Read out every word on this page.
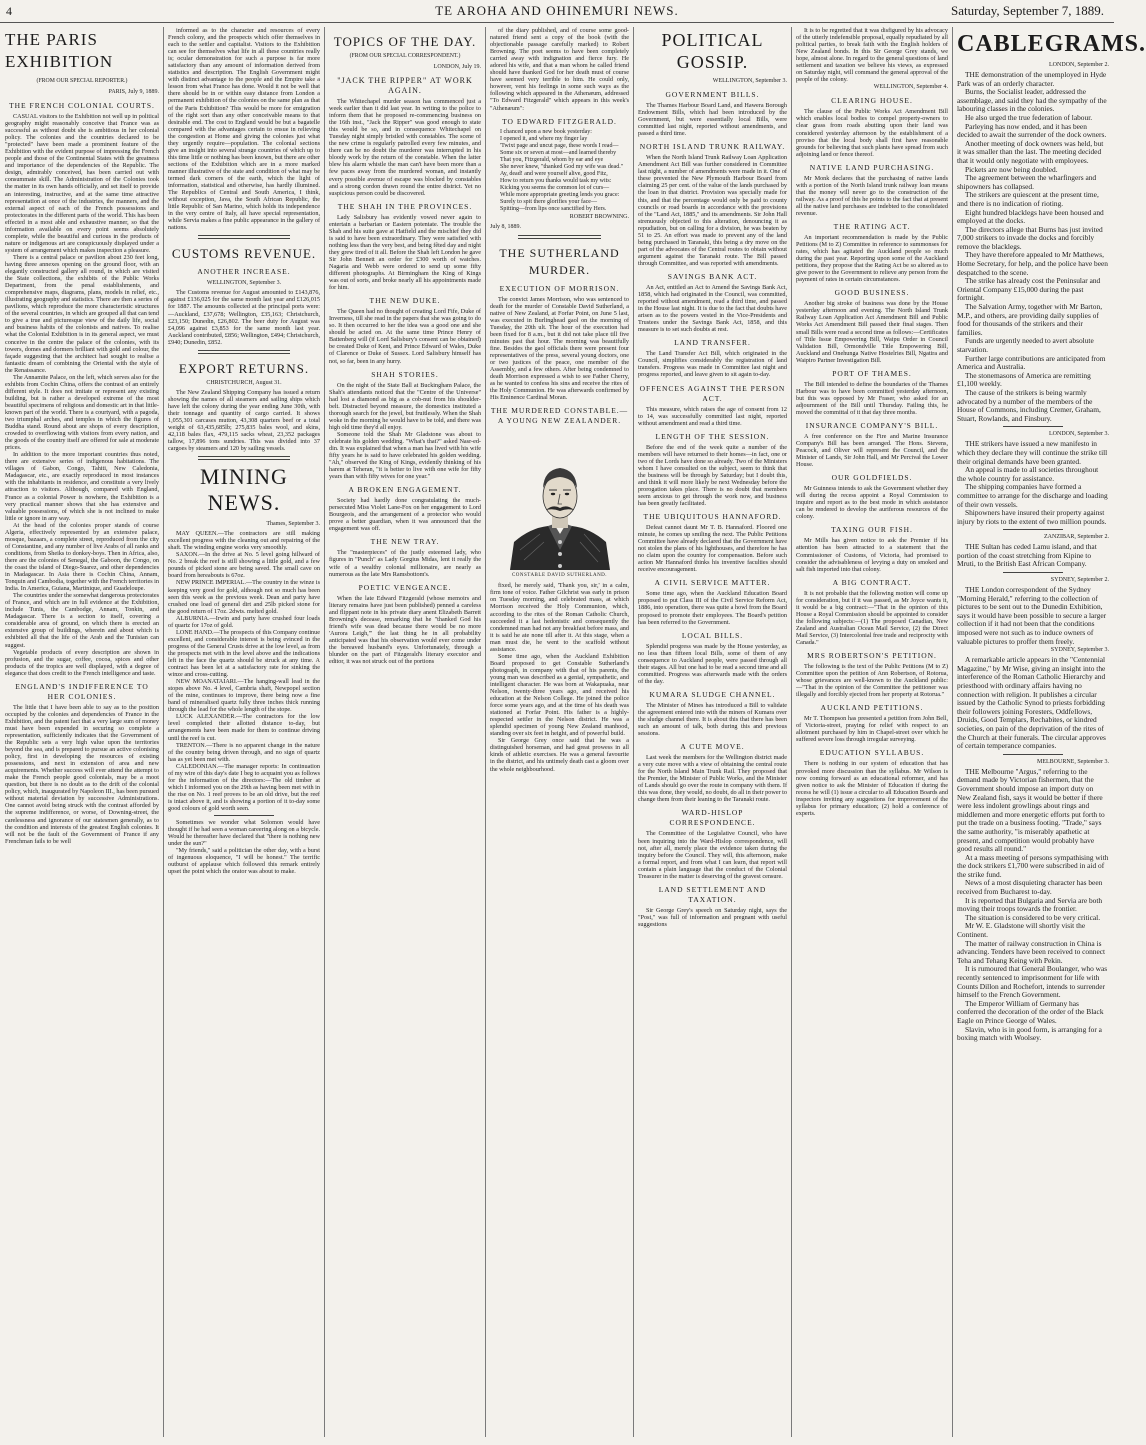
4	TE AROHA AND OHINEMURI NEWS.	Saturday, September 7, 1889.
THE PARIS EXHIBITION
(FROM OUR SPECIAL REPORTER.)
PARIS, July 9, 1889.
THE FRENCH COLONIAL COURTS.

CASUAL visitors to the Exhibition not well up in political geography might reasonably conceive that France was as successful as without doubt she is ambitious in her colonial policy. The colonies and the countries declared to be "protected" have been made a prominent feature of the Exhibition with the evident purpose of impressing the French people and those of the Continental States with the greatness and importance of the dependencies of the Republic. The design, admirably conceived, has been carried out with consummate skill. The Administration of the Colonies took the matter in its own hands officially, and set itself to provide an interesting, instructive, and at the same time attractive representation at once of the industries, the manners, and the external aspect of each of the French possessions and protectorates in the different parts of the world. This has been effected in a most able and exhaustive manner, so that the information available on every point seems absolutely complete, while the beautiful and curious in the products of nature or indigenous art are conspicuously displayed under a system of arrangement which makes inspection a pleasure.

There is a central palace or pavilion about 230 feet long, having three annexes opening on the ground floor, with an elegantly constructed gallery all round, in which are visited the State collections, the exhibits of the Public Works Department, from the penal establishments, and comprehensive maps, diagrams, plans, models in relief, etc., illustrating geography and statistics. There are then a series of pavilions, which reproduce the more characteristic structures of the several countries, in which are grouped all that can tend to give a true and picturesque view of the daily life, social and business habits of the colonists and natives. To realise what the Colonial Exhibition is in its general aspect, we must conceive in the centre the palace of the colonies, with its towers, domes and dormers brilliant with gold and colour, the façade suggesting that the architect had sought to realise a fantastic dream of combining the Oriental with the style of the Renaissance.

The Annamite Palace, on the left, which serves also for the exhibits from Cochin China, offers the contrast of an entirely different style. It does not imitate or represent any existing building, but is rather a developed extreme of the most beautiful specimens of religious and domestic art in that little-known part of the world. There is a courtyard, with a pagoda, two triumphal arches, and temples in which the figures of Buddha stand. Round about are shops of every description, crowded to overflowing with visitors from every nation, and the goods of the country itself are offered for sale at moderate prices.

In addition to the more important countries thus noted, there are extensive series of indigenous habitations. The villages of Gabon, Congo, Tahiti, New Caledonia, Madagascar, etc., are exactly reproduced in most instances with the inhabitants in residence, and constitute a very lively attraction to visitors. Although, compared with England, France as a colonial Power is nowhere, the Exhibition is a very practical manner shows that she has extensive and valuable possessions, of which she is not inclined to make little or ignore in any way.

At the head of the colonies proper stands of course Algeria, effectively represented by an extensive palace, mosque, bazaars, a complete street, reproduced from the city of Constantine, and any number of live Arabs of all ranks and conditions, from Sheiks to donkey-boys. Then in Africa, also, there are the colonies of Senegal, the Gaboon, the Congo, on the coast the island of Diego-Suarez, and other dependencies in Madagascar. In Asia there is Cochin China, Annam, Tonquin and Cambodia, together with the French territories in India. In America, Guiana, Martinique, and Guadeloupe.

The countries under the somewhat dangerous protectorates of France, and which are in full evidence at the Exhibition, include Tunis, the Cambodge, Annam, Tonkin, and Madagascar. There is a section to itself, covering a considerable area of ground, on which there is erected an extensive group of buildings, wherein and about which is exhibited all that the life of the Arab and the Tunisian can suggest.

Vegetable products of every description are shown in profusion, and the sugar, coffee, cocoa, spices and other products of the tropics are well displayed, with a degree of elegance that does credit to the French intelligence and taste.

ENGLAND'S INDIFFERENCE TO HER COLONIES.

The little that I have been able to say as to the position occupied by the colonies and dependencies of France in the Exhibition, and the patent fact that a very large sum of money must have been expended in securing so complete a representation, sufficiently indicates that the Government of the Republic sets a very high value upon the territories beyond the sea, and is prepared to pursue an active colonising policy, first in developing the resources of existing possessions, and next in extension of area and new acquirements. Whether success will ever attend the attempt to make the French people good colonials, may be a moot question, but there is no doubt as to the drift of the colonial policy, which, inaugurated by Napoleon III., has been pursued without material deviation by successive Administrations. One cannot avoid being struck with the contrast afforded by the supreme indifference, or worse, of Downing-street, the carelessness and ignorance of our statesmen generally, as to the condition and interests of the greatest English colonies. It will not be the fault of the Government of France if any Frenchman fails to be well

informed as to the character and resources of every French colony, and the prospects which offer themselves in each to the settler and capitalist. Visitors to the Exhibition can see for themselves what life in all these countries really is; ocular demonstration for such a purpose is far more satisfactory than any amount of information derived from statistics and description. The English Government might with distinct advantage to the people and the Empire take a lesson from what France has done. Would it not be well that there should be in or within easy distance from London a permanent exhibition of the colonies on the same plan as that of the Paris Exhibition? This would be more for emigration of the right sort than any other conceivable means to that desirable end. The cost to England would be but a bagatelle compared with the advantages certain to ensue in relieving the congestion at Home and giving the colonies just what they urgently require—population. The colonial sections give an insight into several strange countries of which up to this time little or nothing has been known, but there are other sections of the Exhibition which are in a more marked manner illustrative of the state and condition of what may be termed dark corners of the earth, which the light of information, statistical and otherwise, has hardly illumined. The Republics of Central and South America, I think, without exception, Java, the South African Republic, the little Republic of San Marino, which holds its independence in the very centre of Italy, all have special representation, while Servia makes a fine public appearance in the gallery of nations.

CUSTOMS REVENUE.
ANOTHER INCREASE.
WELLINGTON, September 3.

The Customs revenue for August amounted to £143,876, against £136,025 for the same month last year and £126,015 for 1887. The amounts collected at the principal ports were:—Auckland, £37,678; Wellington, £35,163; Christchurch, £23,150; Dunedin, £26,802. The beer duty for August was £4,096 against £3,853 for the same month last year. Auckland contributed, £856; Wellington, £494; Christchurch, £940; Dunedin, £852.

EXPORT RETURNS.
CHRISTCHURCH, August 31.

The New Zealand Shipping Company has issued a return showing the names of all steamers and sailing ships which have left the colony during the year ending June 30th, with their tonnage and quantity of cargo carried. It shows 1,055,301 carcases mutton, 43,308 quarters beef or a total weight of 63,435,685lb; 275,835 bales wool, and skins, 42,118 bales flax, 479,115 sacks wheat, 23,352 packages tallow, 17,896 tons sundries. This was divided into 37 cargoes by steamers and 120 by sailing vessels.

MINING NEWS.
Thames, September 3.

MAY QUEEN.—The contractors are still making excellent progress with the cleaning out and repairing of the shaft. The winding engine works very smoothly.

SAXON.—In the drive at No. 5 level going hillward of No. 2 break the reef is still showing a little gold, and a few pounds of picked stone are being saved. The small cave on board from hereabouts is 67oz.

NEW PRINCE IMPERIAL.—The country in the winze is keeping very good for gold, although not so much has been seen this week as the previous week. Dean and party have crushed one load of general dirt and 25lb picked stone for the good return of 17oz. 2dwts. melted gold.

ALBURNIA.—Irwin and party have crushed four loads of quartz for 17oz of gold.

LONE HAND.—The prospects of this Company continue excellent, and considerable interest is being evinced in the progress of the General Crusts drive at the low level, as from the prospects met with in the level above and the indications left in the face the quartz should be struck at any time. A contract has been let at a satisfactory rate for sinking the winze and cross-cutting.

NEW MOANATAIARI.—The hanging-wall lead in the stopes above No. 4 level, Cambria shaft, Newpopel section of the mine, continues to improve, there being now a fine band of mineralised quartz fully three inches thick running through the lead for the whole length of the stope.

LUCK ALEXANDER.—The contractors for the low level completed their allotted distance to-day, but arrangements have been made for them to continue driving until the reef is cut.

TRENTON.—There is no apparent change in the nature of the country being driven through, and no sign of quartz has as yet been met with.

CALEDONIAN.—The manager reports: In continuation of my wire of this day's date I beg to acquaint you as follows for the information of the directors:—The old timber at which I informed you on the 29th as having been met with in the rise on No. 1 reef proves to be an old drive, but the reef is intact above it, and is showing a portion of it to-day some good colours of gold worth seen.

Sometimes we wonder what Solomon would have thought if he had seen a woman careering along on a bicycle. Would he thereafter have declared that "there is nothing new under the sun?"

"My friends," said a politician the other day, with a burst of ingenuous eloquence, "I will be honest." The terrific outburst of applause which followed this remark entirely upset the point which the orator was about to make.

TOPICS OF THE DAY.
(FROM OUR SPECIAL CORRESPONDENT.)
LONDON, July 19.
"JACK THE RIPPER" AT WORK AGAIN.

The Whitechapel murder season has commenced just a week earlier than it did last year. In writing to the police to inform them that he proposed re-commencing business on the 16th inst., "Jack the Ripper" was good enough to state this would be so, and in consequence Whitechapel on Tuesday night simply bristled with constables. The scene of the new crime is regularly patrolled every few minutes, and there can be no doubt the murderer was interrupted in his bloody work by the return of the constable. When the latter blew his alarm whistle the man can't have been more than a few paces away from the murdered woman, and instantly every possible avenue of escape was blocked by constables and a strong cordon drawn round the entire district. Yet no suspicious person could be discovered.

THE SHAH IN THE PROVINCES.

Lady Salisbury has evidently vowed never again to entertain a barbarian or Eastern potentate. The trouble the Shah and his suite gave at Hatfield and the mischief they did is said to have been extraordinary. They were satisfied with nothing less than the very best, and being fêted day and night they grew tired of it all. Before the Shah left London he gave Sir John Bennett an order for £300 worth of watches. Nagaria and Webb were ordered to send up some fifty different photographs. At Birmingham the King of Kings was out of sorts, and broke nearly all his appointments made for him.

THE NEW DUKE.

The Queen had no thought of creating Lord Fife, Duke of Inverness, till she read in the papers that she was going to do so. It then occurred to her the idea was a good one and she should be acted on. At the same time Prince Henry of Battenberg will (if Lord Salisbury's consent can be obtained) be created Duke of Kent, and Prince Edward of Wales, Duke of Clarence or Duke of Sussex. Lord Salisbury himself has not, so far, been in any hurry.

SHAH STORIES.

On the night of the State Ball at Buckingham Palace, the Shah's attendants noticed that the "Centre of the Universe" had lost a diamond as big as a cob-nut from his shoulder-belt. Distracted beyond measure, the domestics instituted a thorough search for the jewel, but fruitlessly. When the Shah woke in the morning he would have to be told, and there was high old time they'd all enjoy.

Someone told the Shah Mr Gladstone was about to celebrate his golden wedding. "What's that?" asked Nasr-ed-din. It was explained that when a man has lived with his wife fifty years he is said to have celebrated his golden wedding. "Ah," observed the King of Kings, evidently thinking of his harem at Teheran, "it is better to live with one wife for fifty years than with fifty wives for one year."

A BROKEN ENGAGEMENT.

Society had hardly done congratulating the much-persecuted Miss Violet Lane-Fox on her engagement to Lord Bourgeois, and the arrangement of a protector who would prove a better guardian, when it was announced that the engagement was off.

THE NEW TRAY.

The "masterpieces" of the justly esteemed lady, who figures in "Punch" as Lady Gorgius Midas, lent it really the wife of a wealthy colonial millionaire, are nearly as numerous as the late Mrs Ramsbottom's.

POETIC VENGEANCE.

When the late Edward Fitzgerald (whose memoirs and literary remains have just been published) penned a careless and flippant note in his private diary anent Elizabeth Barrett Browning's decease, remarking that he "thanked God his friend's wife was dead because there would be no more 'Aurora Leigh,'" the last thing he in all probability anticipated was that his observation would ever come under the bereaved husband's eyes. Unfortunately, through a blunder on the part of Fitzgerald's literary executor and editor, it was not struck out of the portions

of the diary published, and of course some good-natured friend sent a copy of the book (with the objectionable passage carefully marked) to Robert Browning. The poet seems to have been completely carried away with indignation and fierce fury. He adored his wife, and that a man whom he called friend should have thanked God for her death must of course have seemed very terrible to him. He could only, however, vent his feelings in some such ways as the following which appeared in the Athenæum, addressed "To Edward Fitzgerald" which appears in this week's "Athenæum":

TO EDWARD FITZGERALD.

I chanced upon a new book yesterday:

I opened it, and where my finger lay

'Twixt page and uncut page, these words I read—

Some six or seven at most—and learned thereby

That you, Fitzgerald, whom by ear and eye

She never knew, "thanked God my wife was dead."

Ay, dead! and were yourself alive, good Fitz,

How to return you thanks would task my wits:

Kicking you seems the common lot of curs—

While more appropriate greeting lends you grace:

Surely to spit there glorifies your face—

Spitting—from lips once sanctified by Hers.

ROBERT BROWNING.
July 8, 1889.
THE SUTHERLAND MURDER.
EXECUTION OF MORRISON.

The convict James Morrison, who was sentenced to death for the murder of Constable David Sutherland, a native of New Zealand, at Forfar Point, on June 5 last, was executed in Burlinghead gaol on the morning of Tuesday, the 20th ult. The hour of the execution had been fixed for 8 a.m., but it did not take place till five minutes past that hour. The morning was beautifully fine. Besides the gaol officials there were present four representatives of the press, several young doctors, one or two justices of the peace, one member of the Assembly, and a few others. After being condemned to death Morrison expressed a wish to see Father Cherry, as he wanted to confess his sins and receive the rites of the Holy Communion. He was afterwards confirmed by His Eminence Cardinal Moran.

THE MURDERED CONSTABLE.—A YOUNG NEW ZEALANDER.
CONSTABLE DAVID SUTHERLAND.

fixed, he merely said, 'Thank you, sir,' in a calm, firm tone of voice. Father Gilchrist was early in prison on Tuesday morning, and celebrated mass, at which Morrison received the Holy Communion, which, according to the rites of the Roman Catholic Church, succeeded it a last hedonistic and consequently the condemned man had not any breakfast before mass, and it is said he ate none till after it. At this stage, when a man must die, he went to the scaffold without assistance.

Some time ago, when the Auckland Exhibition Board proposed to get Constable Sutherland's photograph, in company with that of his parents, the young man was described as a genial, sympathetic, and intelligent character. He was born at Wakapuaka, near Nelson, twenty-three years ago, and received his education at the Nelson College. He joined the police force some years ago, and at the time of his death was stationed at Forfar Point. His father is a highly-respected settler in the Nelson district. He was a splendid specimen of young New Zealand manhood, standing over six feet in height, and of powerful build.

Sir George Grey once said that he was a distinguished horseman, and had great prowess in all kinds of athletic exercises. He was a general favourite in the district, and his untimely death cast a gloom over the whole neighbourhood.

POLITICAL GOSSIP.
WELLINGTON, September 3.
GOVERNMENT BILLS.

The Thames Harbour Board Land, and Hawera Borough Endowment Bills, which had been introduced by the Government, but were essentially local Bills, were committed last night, reported without amendments, and passed a third time.

NORTH ISLAND TRUNK RAILWAY.

When the North Island Trunk Railway Loan Application Amendment Act Bill was further considered in Committee last night, a number of amendments were made in it. One of these prevented the New Plymouth Harbour Board from claiming 25 per cent. of the value of the lands purchased by the loan in that district. Provision was specially made for this, and that the percentage would only be paid to county councils or road boards in accordance with the provisions of the "Land Act, 1885," and its amendments. Sir John Hall strenuously objected to this alteration, denouncing it as repudiation, but on calling for a division, he was beaten by 51 to 25. An effort was made to prevent any of the land being purchased in Taranaki, this being a dry move on the part of the advocates of the Central routes to obtain without argument against the Taranaki route. The Bill passed through Committee, and was reported with amendments.

SAVINGS BANK ACT.

An Act, entitled an Act to Amend the Savings Bank Act, 1858, which had originated in the Council, was committed, reported without amendment, read a third time, and passed in the House last night. It is due to the fact that doubts have arisen as to the powers vested in the Vice-Presidents and Trustees under the Savings Bank Act, 1858, and this measure is to set such doubts at rest.

LAND TRANSFER.

The Land Transfer Act Bill, which originated in the Council, simplifies considerably the registration of land transfers. Progress was made in Committee last night and progress reported, and leave given to sit again to-day.

OFFENCES AGAINST THE PERSON ACT.

This measure, which raises the age of consent from 12 to 14, was successfully committed last night, reported without amendment and read a third time.

LENGTH OF THE SESSION.

Before the end of the week quite a number of the members will have returned to their homes—in fact, one or two of the Lords have done so already. Two of the Ministers whom I have consulted on the subject, seem to think that the business will be through by Saturday; but I doubt this, and think it will more likely be next Wednesday before the prorogation takes place. There is no doubt that members seem anxious to get through the work now, and business has been greatly facilitated.

THE UBIQUITOUS HANNAFORD.

Defeat cannot daunt Mr T. B. Hannaford. Floored one minute, he comes up smiling the next. The Public Petitions Committee have already declared that the Government have not stolen the plans of his lighthouses, and therefore he has no claim upon the country for compensation. Before such action Mr Hannaford thinks his inventive faculties should receive encouragement.

A CIVIL SERVICE MATTER.

Some time ago, when the Auckland Education Board proposed to put Class III of the Civil Service Reform Act, 1886, into operation, there was quite a howl from the Board proposed to promote their employees. The Board's petition has been referred to the Government.

LOCAL BILLS.

Splendid progress was made by the House yesterday, as no less than fifteen local Bills, some of them of any consequence to Auckland people, were passed through all their stages. All but one had to be read a second time and all committed. Progress was afterwards made with the orders of the day.

KUMARA SLUDGE CHANNEL.

The Minister of Mines has introduced a Bill to validate the agreement entered into with the miners of Kumara over the sludge channel there. It is about this that there has been such an amount of talk, both during this and previous sessions.

A CUTE MOVE.

Last week the members for the Wellington district made a very cute move with a view of obtaining the central route for the North Island Main Trunk Rail. They proposed that the Premier, the Minister of Public Works, and the Minister of Lands should go over the route in company with them. If this was done, they would, no doubt, do all in their power to change them from their leaning to the Taranaki route.

WARD-HISLOP CORRESPONDENCE.

The Committee of the Legislative Council, who have been inquiring into the Ward-Hislop correspondence, will not, after all, merely place the evidence taken during the inquiry before the Council. They will, this afternoon, make a formal report, and from what I can learn, that report will contain a plain language that the conduct of the Colonial Treasurer in the matter is deserving of the gravest censure.

LAND SETTLEMENT AND TAXATION.

Sir George Grey's speech on Saturday night, says the "Post," was full of information and pregnant with useful suggestions

It is to be regretted that it was disfigured by his advocacy of the utterly indefensible proposal, equally repudiated by all political parties, to break faith with the English holders of New Zealand bonds. In this Sir George Grey stands, we hope, almost alone. In regard to the general questions of land settlement and taxation we believe his views, as expressed on Saturday night, will command the general approval of the people of the colony.

WELLINGTON, September 4.
CLEARING HOUSE.

The clause of the Public Works Act Amendment Bill which enables local bodies to compel property-owners to clear grass from roads abutting upon their land was considered yesterday afternoon by the establishment of a proviso that the local body shall first have reasonable grounds for believing that such plants have spread from such adjoining land or fence thereof.

NATIVE LAND PURCHASING.

Mr Monk declares that the purchasing of native lands with a portion of the North Island trunk railway loan means that the money will never go to the construction of the railway. As a proof of this he points to the fact that at present all the native land purchases are indebted to the consolidated revenue.

THE RATING ACT.

An important recommendation is made by the Public Petitions (M to Z) Committee in reference to summonses for rates, which has agitated the Auckland people so much during the past year. Reporting upon some of the Auckland petitions, they propose that the Rating Act be so altered as to give power to the Government to relieve any person from the payment of rates in certain circumstances.

GOOD BUSINESS.

Another big stroke of business was done by the House yesterday afternoon and evening. The North Island Trunk Railway Loan Application Act Amendment Bill and Public Works Act Amendment Bill passed their final stages. Then small Bills were read a second time as follows:—Certificates of Title Issue Empowering Bill, Waipu Order in Council Validation Bill, Ormondville Title Empowering Bill, Auckland and Onehunga Native Hostelries Bill, Ngatira and Waipiro Partner Investigation Bill.

PORT OF THAMES.

The Bill intended to define the boundaries of the Thames Harbour was to have been committed yesterday afternoon, but this was opposed by Mr Fraser, who asked for an adjournment of the Bill until Thursday. Failing this, he moved the committal of it that day three months.

INSURANCE COMPANY'S BILL.

A free conference on the Fire and Marine Insurance Company's Bill has been arranged. The Hons. Stevens, Peacock, and Oliver will represent the Council, and the Minister of Lands, Sir John Hall, and Mr Percival the Lower House.

OUR GOLDFIELDS.

Mr Guinness intends to ask the Government whether they will during the recess appoint a Royal Commission to inquire and report as to the best mode in which assistance can be rendered to develop the auriferous resources of the colony.

TAXING OUR FISH.

Mr Mills has given notice to ask the Premier if his attention has been attracted to a statement that the Commissioner of Customs, of Victoria, had promised to consider the advisableness of levying a duty on smoked and salt fish imported into that colony.

A BIG CONTRACT.

It is not probable that the following motion will come up for consideration, but if it was passed, as Mr Joyce wants it, it would be a big contract:—"That in the opinion of this House a Royal Commission should be appointed to consider the following subjects:—(1) The proposed Canadian, New Zealand and Australian Ocean Mail Service, (2) the Direct Mail Service, (3) Intercolonial free trade and reciprocity with Canada."

MRS ROBERTSON'S PETITION.

The following is the text of the Public Petitions (M to Z) Committee upon the petition of Ann Robertson, of Rotorua, whose grievances are well-known to the Auckland public:—"That in the opinion of the Committee the petitioner was illegally and forcibly ejected from her property at Rotorua."

AUCKLAND PETITIONS.

Mr T. Thompson has presented a petition from John Bell, of Victoria-street, praying for relief with respect to an allotment purchased by him in Chapel-street over which he suffered severe loss through irregular surveying.

EDUCATION SYLLABUS.

There is nothing in our system of education that has provoked more discussion than the syllabus. Mr Wilson is now coming forward as an educational reformer, and has given notice to ask the Minister of Education if during the recess he will (1) issue a circular to all Education Boards and inspectors inviting any suggestions for improvement of the syllabus for primary education; (2) hold a conference of experts.

CABLEGRAMS.
LONDON, September 2.

THE demonstration of the unemployed in Hyde Park was of an orderly character.

Burns, the Socialist leader, addressed the assemblage, and said they had the sympathy of the labouring classes in the colonies.

He also urged the true federation of labour.

Parleying has now ended, and it has been decided to await the surrender of the dock owners.

Another meeting of dock owners was held, but it was smaller than the last. The meeting decided that it would only negotiate with employees.

Pickets are now being doubled.

The agreement between the wharfingers and shipowners has collapsed.

The strikers are quiescent at the present time, and there is no indication of rioting.

Eight hundred blacklegs have been housed and employed at the docks.

The directors allege that Burns has just invited 7,000 strikers to invade the docks and forcibly remove the blacklegs.

They have therefore appealed to Mr Matthews, Home Secretary, for help, and the police have been despatched to the scene.

The strike has already cost the Peninsular and Oriental Company £15,000 during the past fortnight.

The Salvation Army, together with Mr Barton, M.P., and others, are providing daily supplies of food for thousands of the strikers and their families.

Funds are urgently needed to avert absolute starvation.

Further large contributions are anticipated from America and Australia.

The stonemasons of America are remitting £1,100 weekly.

The cause of the strikers is being warmly advocated by a number of the members of the House of Commons, including Cremer, Graham, Stuart, Rowlands, and Finsbury.

LONDON, September 3.

THE strikers have issued a new manifesto in which they declare they will continue the strike till their original demands have been granted.

An appeal is made to all societies throughout the whole country for assistance.

The shipping companies have formed a committee to arrange for the discharge and loading of their own vessels.

Shipowners have insured their property against injury by riots to the extent of two million pounds.

ZANZIBAR, September 2.

THE Sultan has ceded Lamu island, and that portion of the coast stretching from Kipine to Mruti, to the British East African Company.

SYDNEY, September 2.

THE London correspondent of the Sydney "Morning Herald," referring to the collection of pictures to be sent out to the Dunedin Exhibition, says it would have been possible to secure a larger collection if it had not been that the conditions imposed were not such as to induce owners of valuable pictures to proffer them freely.

SYDNEY, September 3.

A remarkable article appears in the "Centennial Magazine," by Mr Wise, giving an insight into the interference of the Roman Catholic Hierarchy and priesthood with ordinary affairs having no connection with religion. It publishes a circular issued by the Catholic Synod to priests forbidding their followers joining Foresters, Oddfellows, Druids, Good Templars, Rechabites, or kindred societies, on pain of the deprivation of the rites of the Church at their funerals. The circular approves of certain temperance companies.

MELBOURNE, September 3.

THE Melbourne "Argus," referring to the demand made by Victorian fishermen, that the Government should impose an import duty on New Zealand fish, says it would be better if there were less indolent growlings about rings and middlemen and more energetic efforts put forth to put the trade on a business footing. "Trade," says the same authority, "is miserably apathetic at present, and competition would probably have good results all round."

At a mass meeting of persons sympathising with the dock strikers £1,700 were subscribed in aid of the strike fund.

News of a most disquieting character has been received from Bucharest to-day.

It is reported that Bulgaria and Servia are both moving their troops towards the frontier.

The situation is considered to be very critical.

Mr W. E. Gladstone will shortly visit the Continent.

The matter of railway construction in China is advancing. Tenders have been received to connect Teha and Tehang Keing with Pekin.

It is rumoured that General Boulanger, who was recently sentenced to imprisonment for life with Counts Dillon and Rochefort, intends to surrender himself to the French Government.

The Emperor William of Germany has conferred the decoration of the order of the Black Eagle on Prince George of Wales.

Slavin, who is in good form, is arranging for a boxing match with Woolsey.
